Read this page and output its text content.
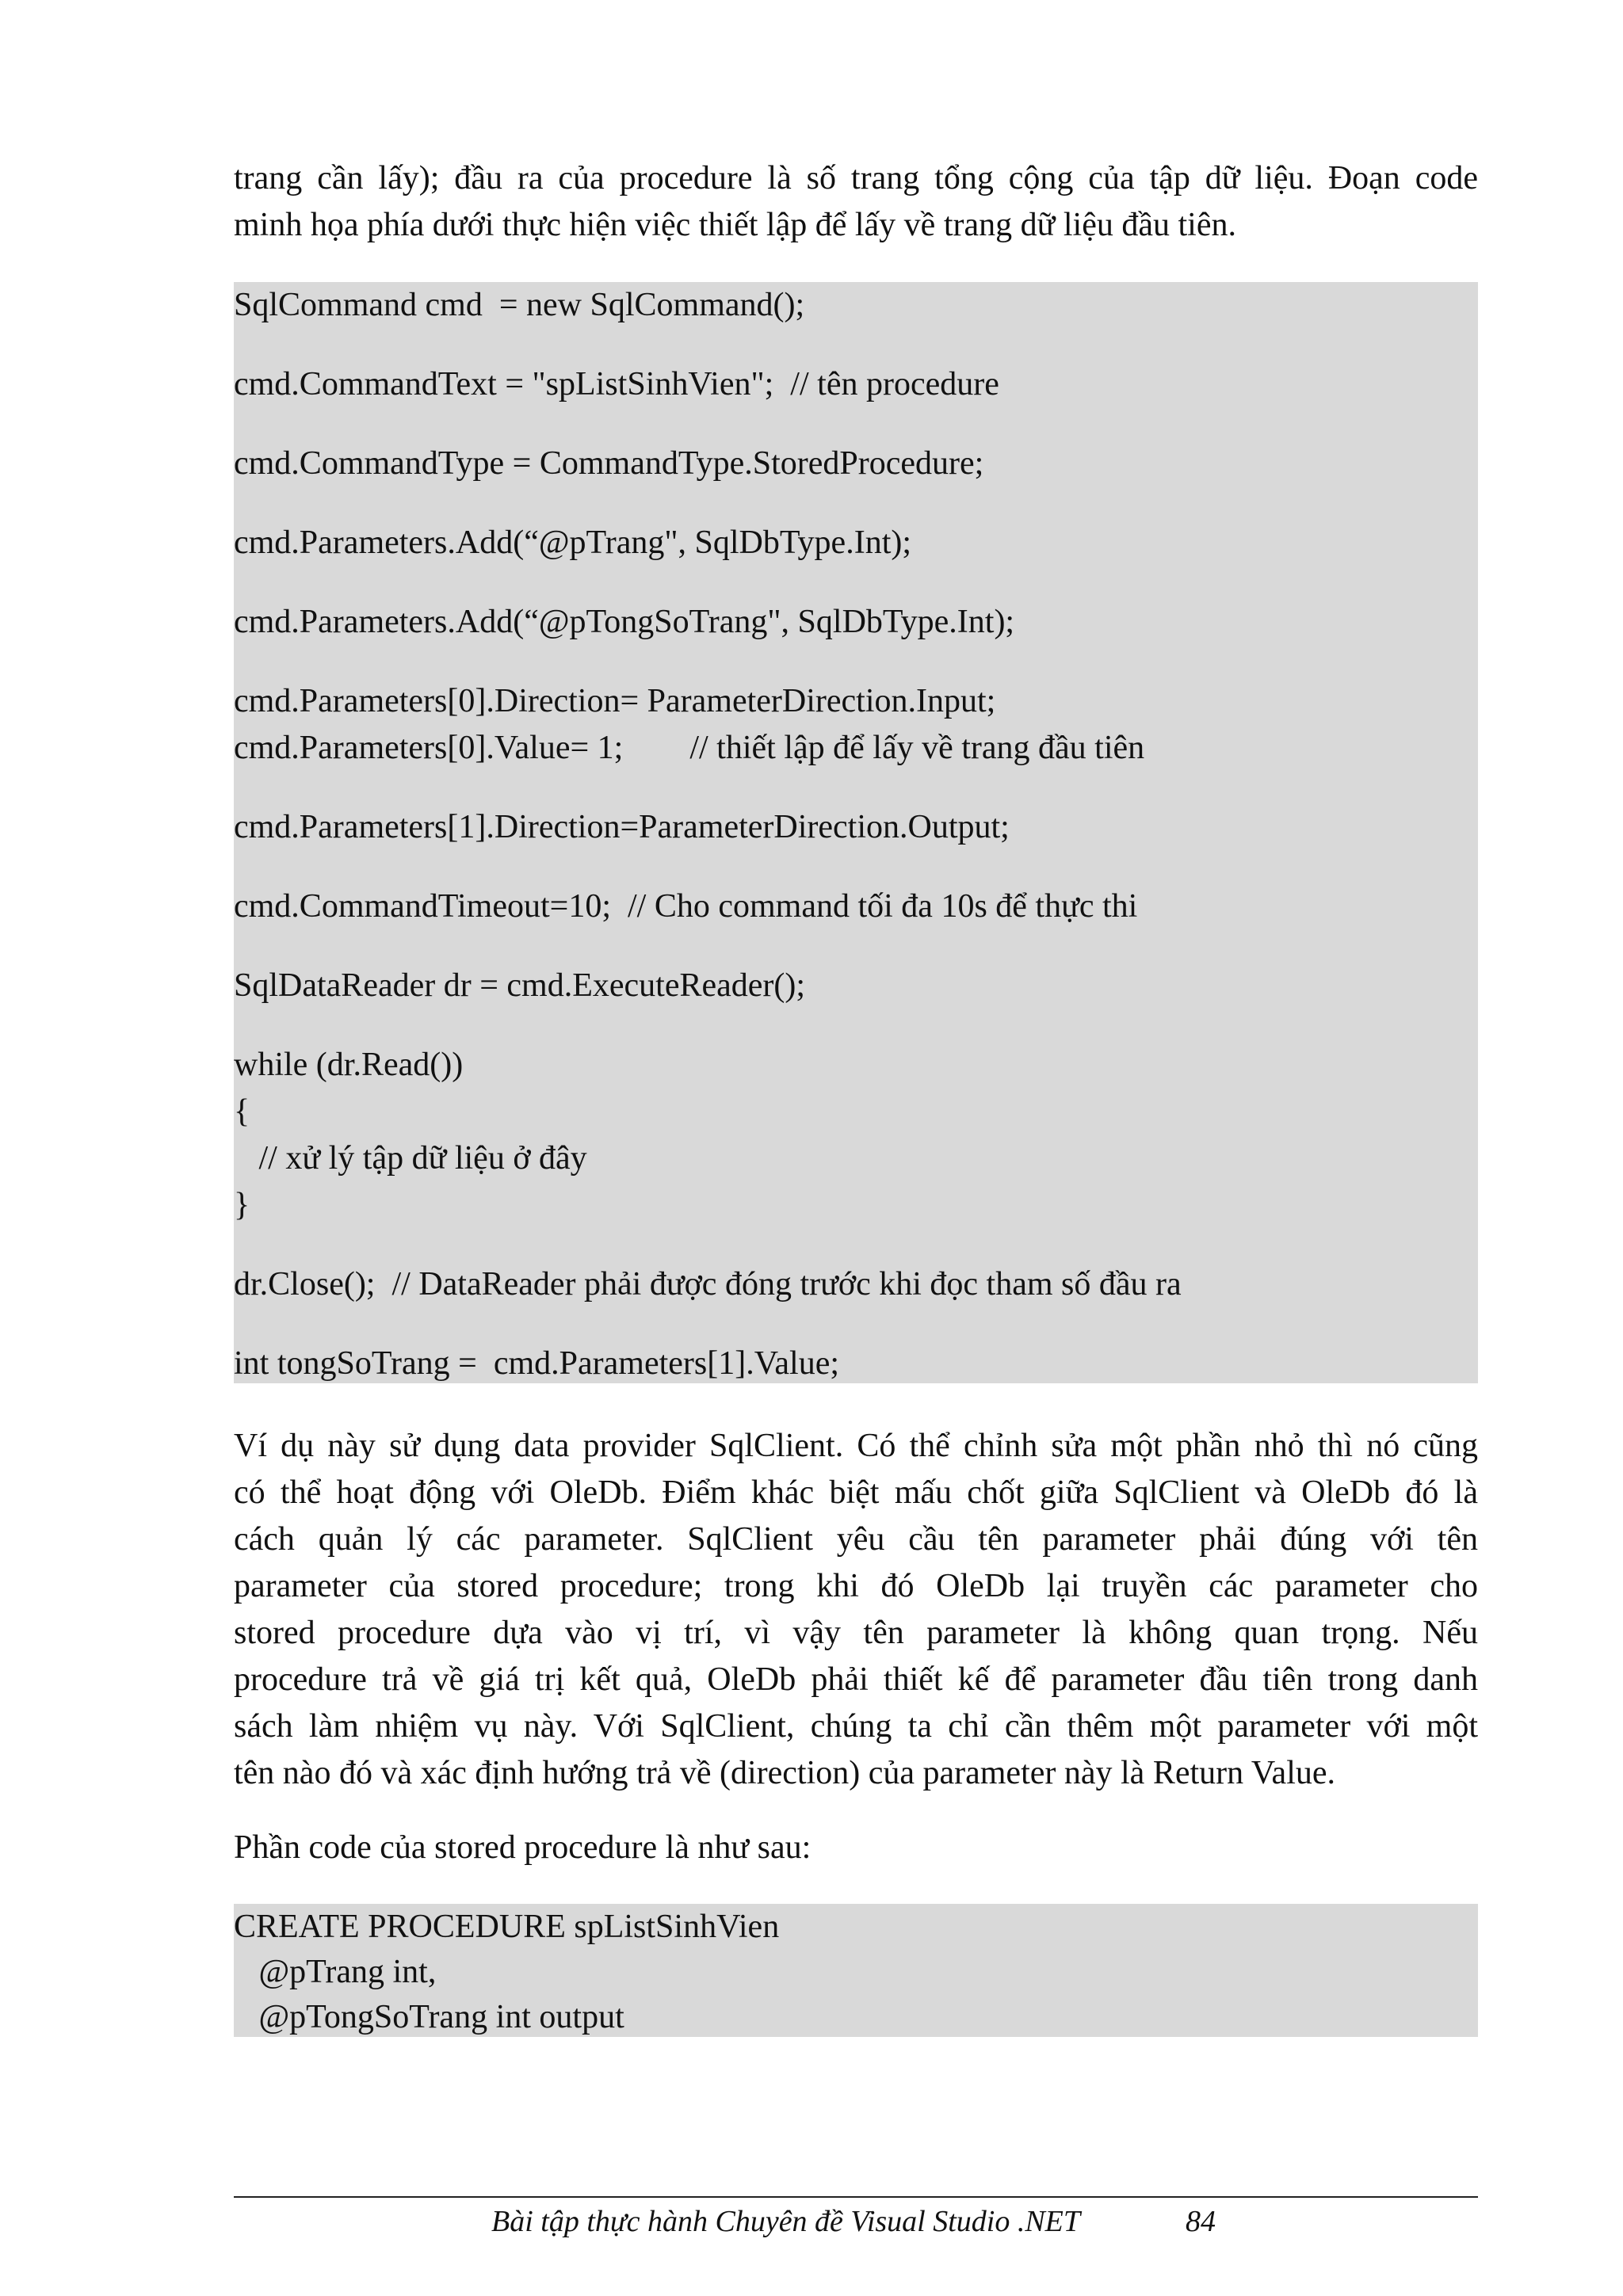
trang cần lấy); đầu ra của procedure là số trang tổng cộng của tập dữ liệu. Đoạn code
minh họa phía dưới thực hiện việc thiết lập để lấy về trang dữ liệu đầu tiên.

SqlCommand cmd  = new SqlCommand();
cmd.CommandText = "spListSinhVien";  // tên procedure
cmd.CommandType = CommandType.StoredProcedure;
cmd.Parameters.Add(“@pTrang", SqlDbType.Int);
cmd.Parameters.Add(“@pTongSoTrang", SqlDbType.Int);
cmd.Parameters[0].Direction= ParameterDirection.Input;
cmd.Parameters[0].Value= 1;        // thiết lập để lấy về trang đầu tiên
cmd.Parameters[1].Direction=ParameterDirection.Output;
cmd.CommandTimeout=10;  // Cho command tối đa 10s để thực thi
SqlDataReader dr = cmd.ExecuteReader();
while (dr.Read())
{
// xử lý tập dữ liệu ở đây
}
dr.Close();  // DataReader phải được đóng trước khi đọc tham số đầu ra
int tongSoTrang =  cmd.Parameters[1].Value;

Ví dụ này sử dụng data provider SqlClient. Có thể chỉnh sửa một phần nhỏ thì nó cũng
có thể hoạt động với OleDb. Điểm khác biệt mấu chốt giữa SqlClient và OleDb đó là
cách quản lý các parameter. SqlClient yêu cầu tên parameter phải đúng với tên
parameter của stored procedure; trong khi đó OleDb lại truyền các parameter cho
stored procedure dựa vào vị trí, vì vậy tên parameter là không quan trọng. Nếu
procedure trả về giá trị kết quả, OleDb phải thiết kế để parameter đầu tiên trong danh
sách làm nhiệm vụ này. Với SqlClient, chúng ta chỉ cần thêm một parameter với một
tên nào đó và xác định hướng trả về (direction) của parameter này là Return Value.

Phần code của stored procedure là như sau:

CREATE PROCEDURE spListSinhVien
@pTrang int,
@pTongSoTrang int output
Bài tập thực hành Chuyên đề Visual Studio .NET	84
